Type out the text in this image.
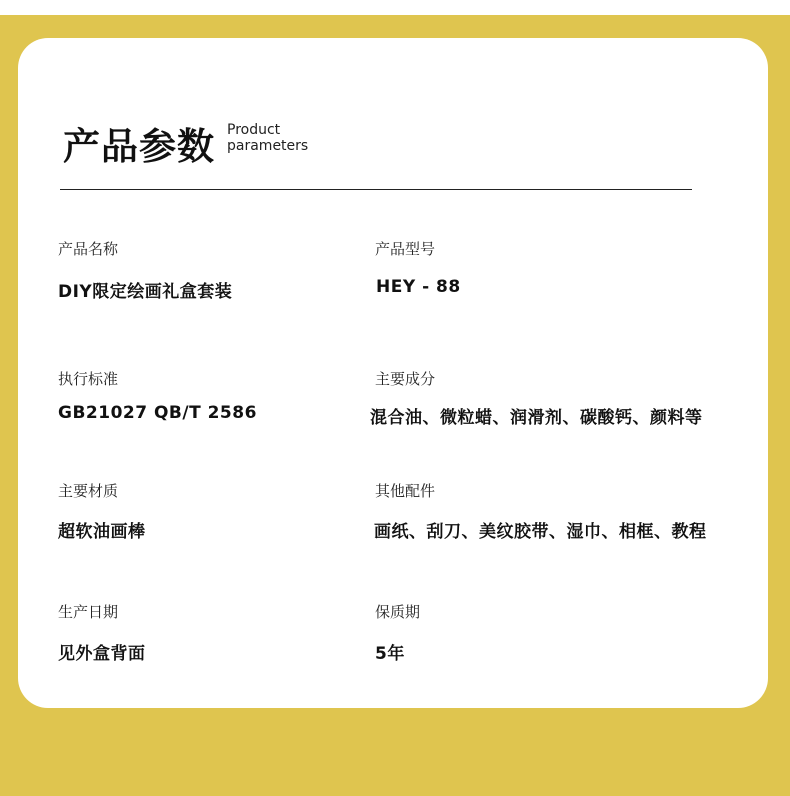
产品参数 Product
parameters
产品名称
DIY限定绘画礼盒套装
产品型号
HEY - 88
执行标准
GB21027 QB/T 2586
主要成分
混合油、微粒蜡、润滑剂、碳酸钙、颜料等
主要材质
超软油画棒
其他配件
画纸、刮刀、美纹胶带、湿巾、相框、教程
生产日期
见外盒背面
保质期
5年
